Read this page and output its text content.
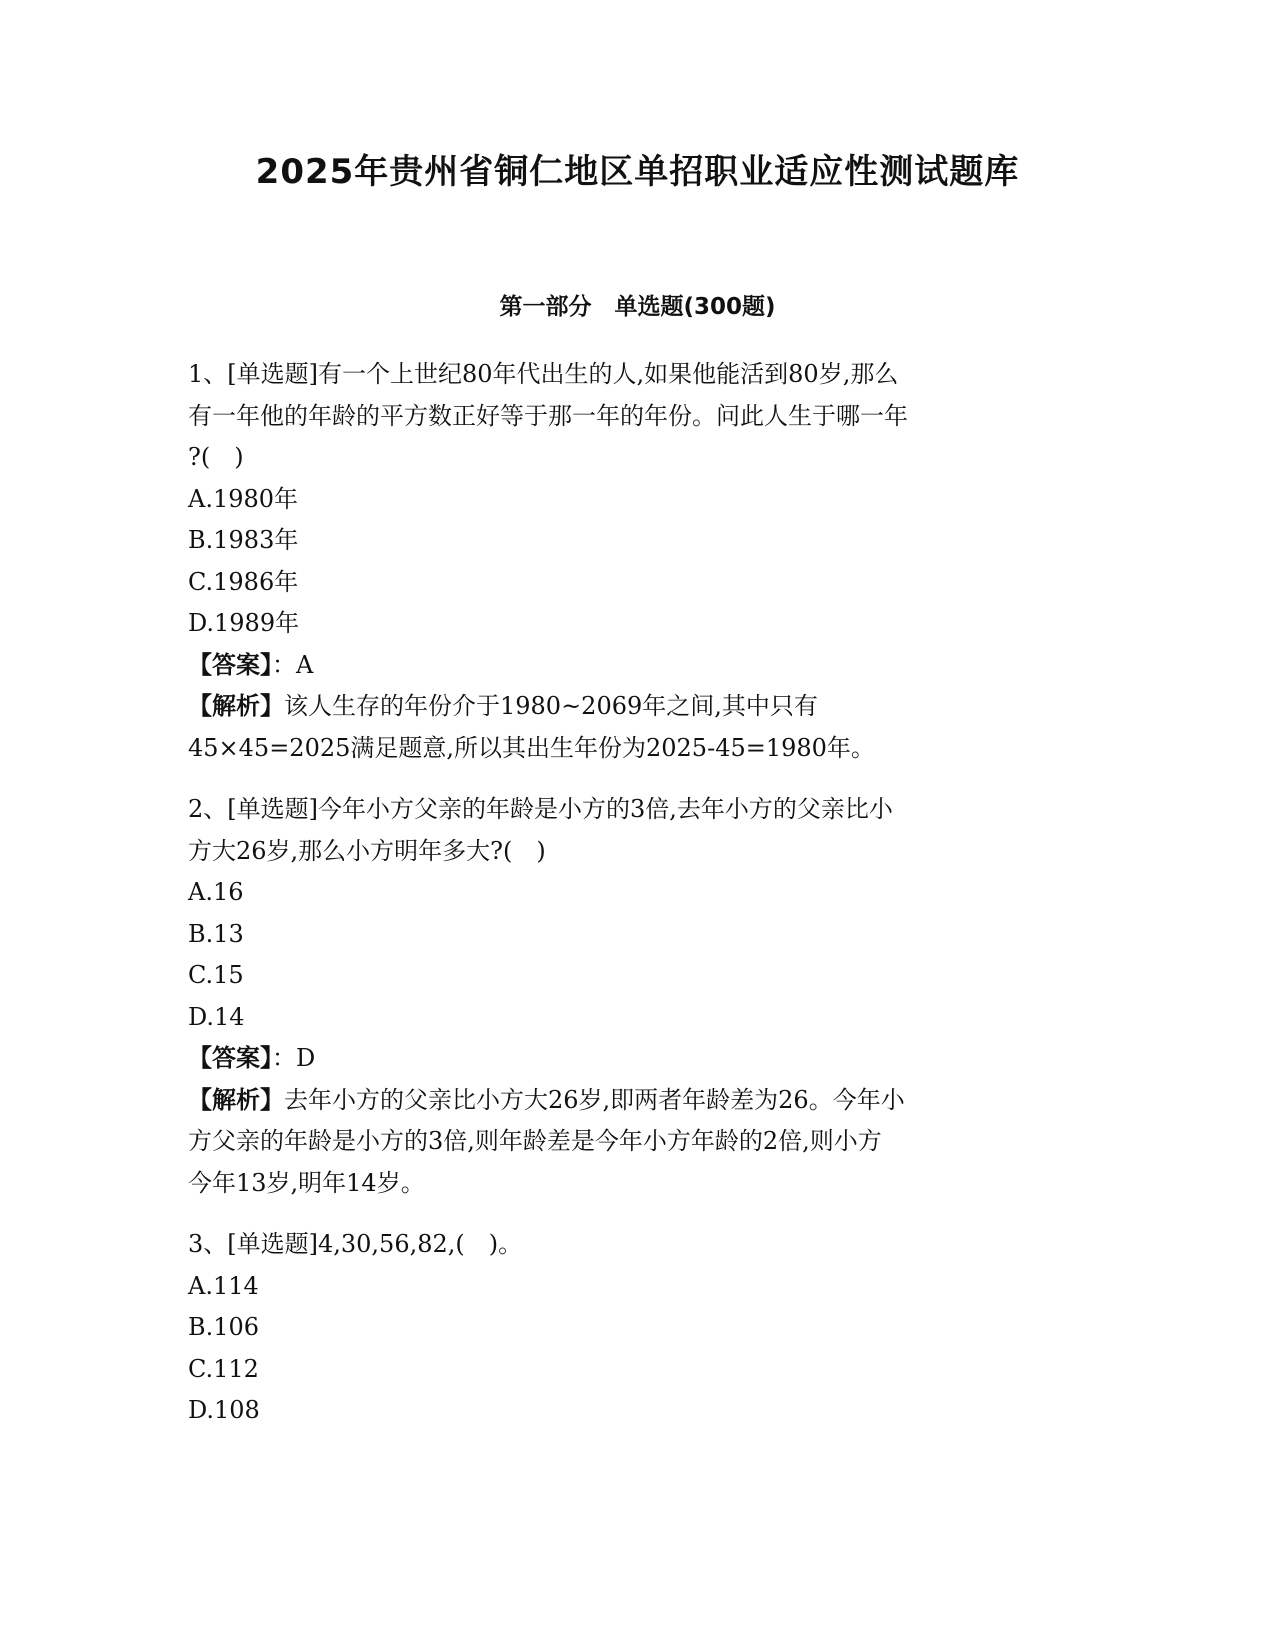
2025年贵州省铜仁地区单招职业适应性测试题库
第一部分　单选题(300题)
1、[单选题]有一个上世纪80年代出生的人,如果他能活到80岁,那么
有一年他的年龄的平方数正好等于那一年的年份。问此人生于哪一年
?(　)
A.1980年
B.1983年
C.1986年
D.1989年
【答案】：A
【解析】该人生存的年份介于1980~2069年之间,其中只有
45×45=2025满足题意,所以其出生年份为2025-45=1980年。
2、[单选题]今年小方父亲的年龄是小方的3倍,去年小方的父亲比小
方大26岁,那么小方明年多大?(　)
A.16
B.13
C.15
D.14
【答案】：D
【解析】去年小方的父亲比小方大26岁,即两者年龄差为26。今年小
方父亲的年龄是小方的3倍,则年龄差是今年小方年龄的2倍,则小方
今年13岁,明年14岁。
3、[单选题]4,30,56,82,(　)。
A.114
B.106
C.112
D.108
